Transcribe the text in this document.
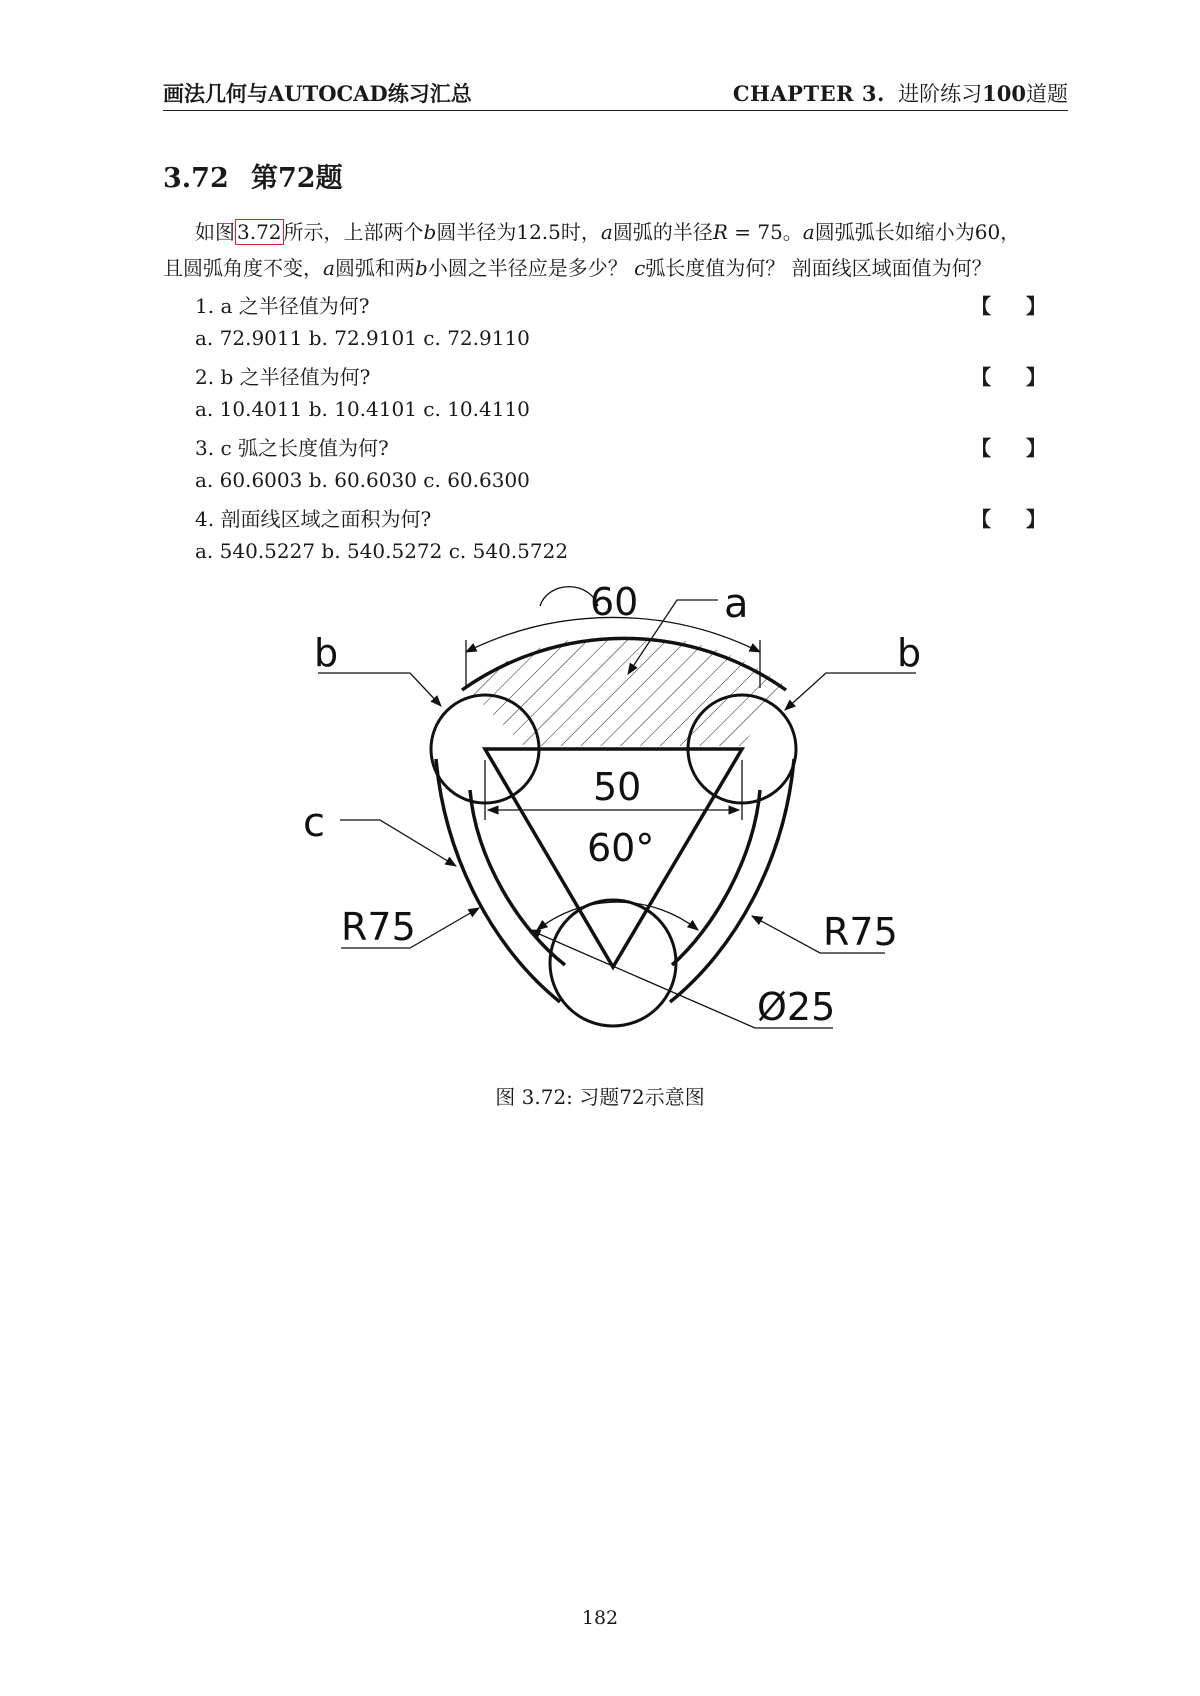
画法几何与AUTOCAD练习汇总	CHAPTER 3. 进阶练习100道题
3.72 第72题
如图 3.72 所示，上部两个b圆半径为12.5时，a圆弧的半径R = 75。a圆弧弧长如缩小为60，
且圆弧角度不变，a圆弧和两b小圆之半径应是多少？ c弧长度值为何？ 剖面线区域面值为何？
1. a 之半径值为何?	【 】
a. 72.9011 b. 72.9101 c. 72.9110
2. b 之半径值为何?	【 】
a. 10.4011 b. 10.4101 c. 10.4110
3. c 弧之长度值为何?	【 】
a. 60.6003 b. 60.6030 c. 60.6300
4. 剖面线区域之面积为何?	【 】
a. 540.5227 b. 540.5272 c. 540.5722
60 a
b	b
50
60°
c
R75	R75
Ø25
图 3.72: 习题72示意图
182
